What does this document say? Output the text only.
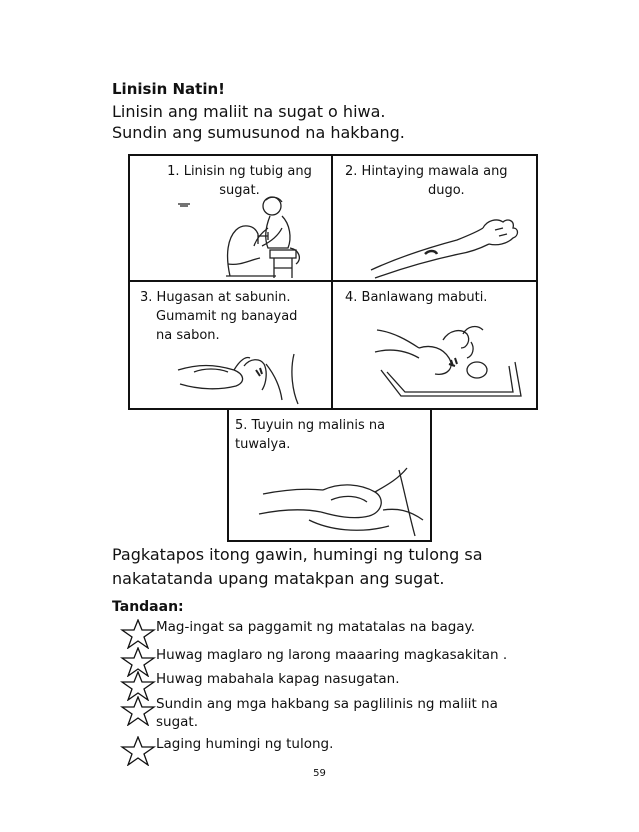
Linisin Natin!
Linisin ang maliit na sugat o hiwa.
Sundin ang sumusunod na hakbang.
1. Linisin ng tubig ang
sugat.
2. Hintaying mawala ang
dugo.
3. Hugasan at sabunin.
Gumamit ng banayad
na sabon.
4. Banlawang mabuti.
5. Tuyuin ng malinis na
tuwalya.
Pagkatapos itong gawin, humingi ng tulong sa
nakatatanda upang matakpan ang sugat.
Tandaan:
Mag-ingat sa paggamit ng matatalas na bagay.
Huwag maglaro ng larong maaaring magkasakitan .
Huwag mabahala kapag nasugatan.
Sundin ang mga hakbang sa paglilinis ng maliit na
sugat.
Laging humingi ng tulong.
59
